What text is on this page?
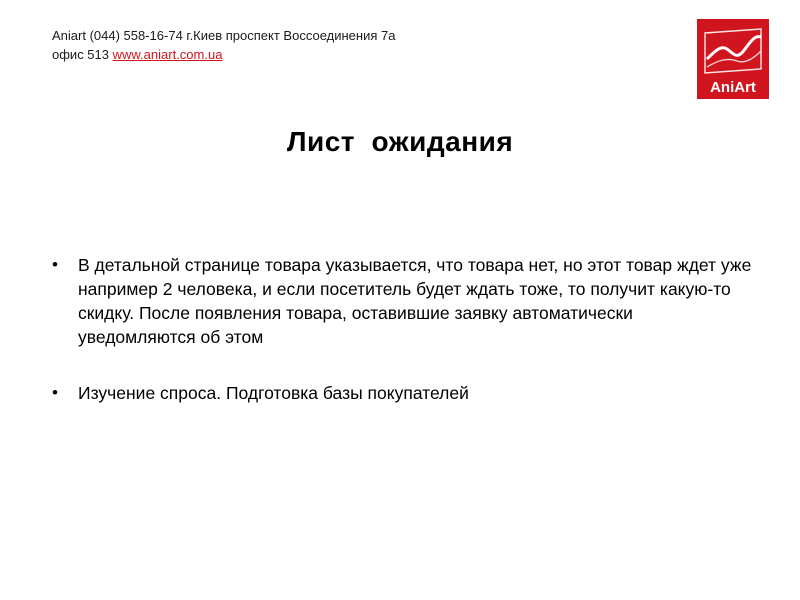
Aniart (044) 558-16-74 г.Киев проспект Воссоединения 7а
офис 513 www.aniart.com.ua
AniArt
Лист  ожидания
• В детальной странице товара указывается, что товара нет, но этот товар ждет уже например 2 человека, и если посетитель будет ждать тоже, то получит какую-то скидку. После появления товара, оставившие заявку автоматически уведомляются об этом
• Изучение спроса. Подготовка базы покупателей
